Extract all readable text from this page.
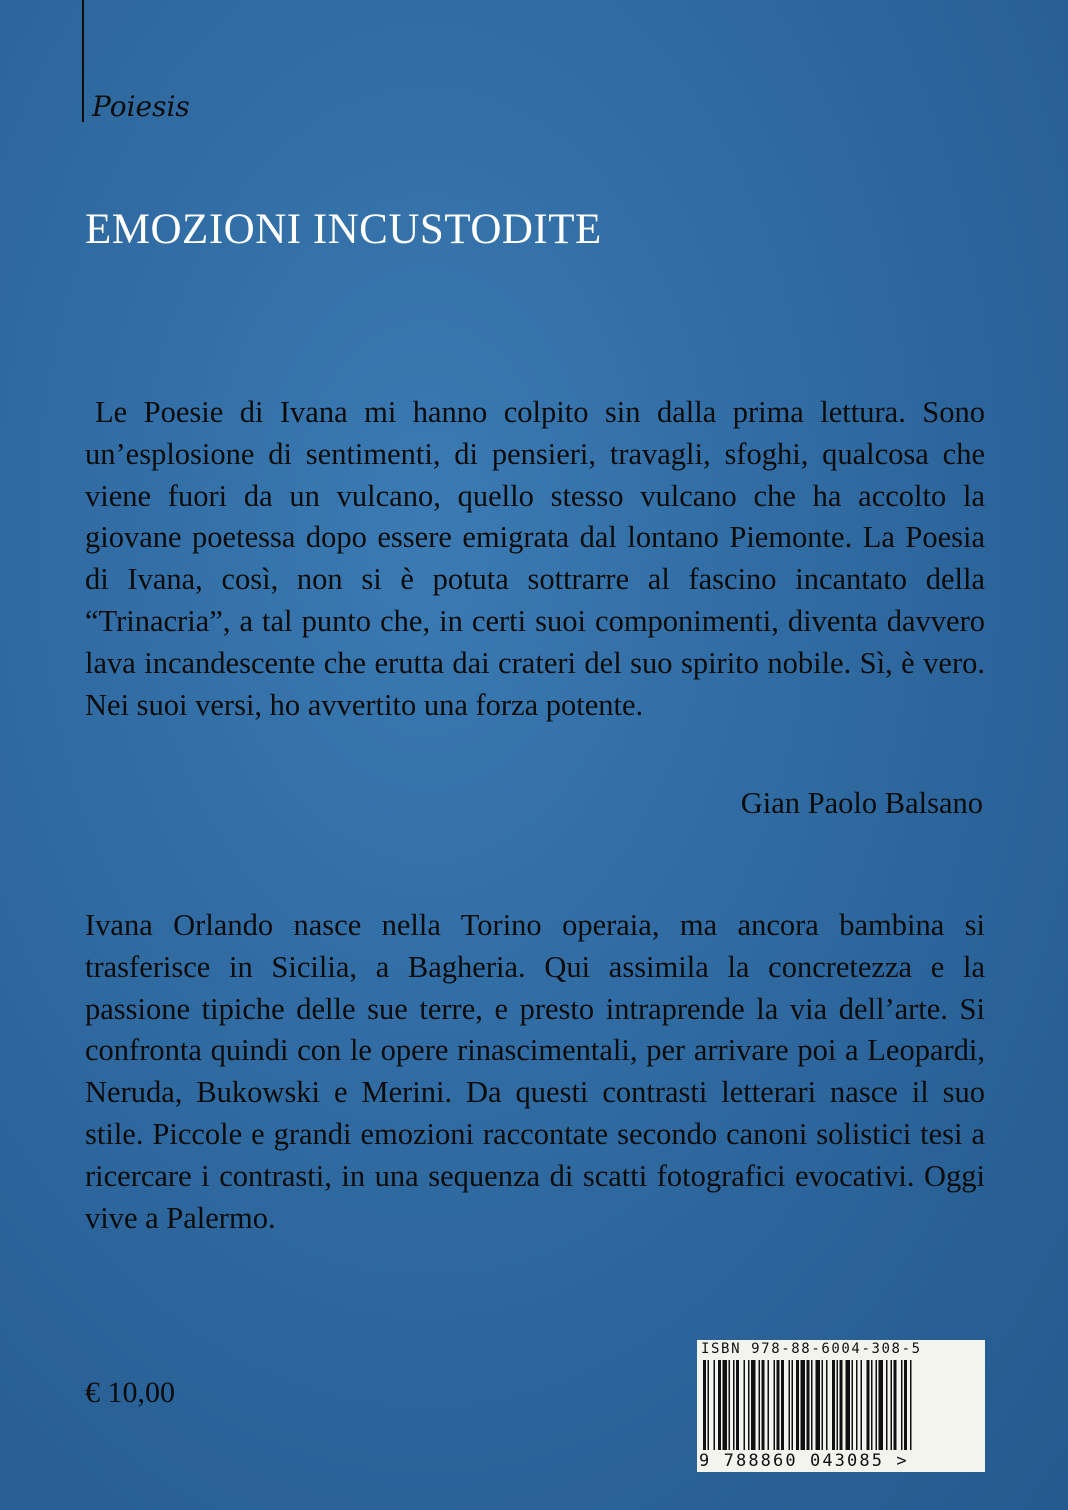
Poiesis
EMOZIONI INCUSTODITE
Le Poesie di Ivana mi hanno colpito sin dalla prima lettura. Sono un’esplosione di sentimenti, di pensieri, travagli, sfoghi, qualcosa che viene fuori da un vulcano, quello stesso vulcano che ha accolto la giovane poetessa dopo essere emigrata dal lontano Piemonte. La Poesia di Ivana, così, non si è potuta sottrarre al fascino incantato della “Trinacria”, a tal punto che, in certi suoi componimenti, diventa davvero lava incandescente che erutta dai crateri del suo spirito nobile. Sì, è vero. Nei suoi versi, ho avvertito una forza potente.
Gian Paolo Balsano
Ivana Orlando nasce nella Torino operaia, ma ancora bambina si trasferisce in Sicilia, a Bagheria. Qui assimila la concretezza e la passione tipiche delle sue terre, e presto intraprende la via dell’arte. Si confronta quindi con le opere rinascimentali, per arrivare poi a Leopardi, Neruda, Bukowski e Merini. Da questi contrasti letterari nasce il suo stile. Piccole e grandi emozioni raccontate secondo canoni solistici tesi a ricercare i contrasti, in una sequenza di scatti fotografici evocativi. Oggi vive a Palermo.
€ 10,00
ISBN 978-88-6004-308-5
9 788860 043085 >
